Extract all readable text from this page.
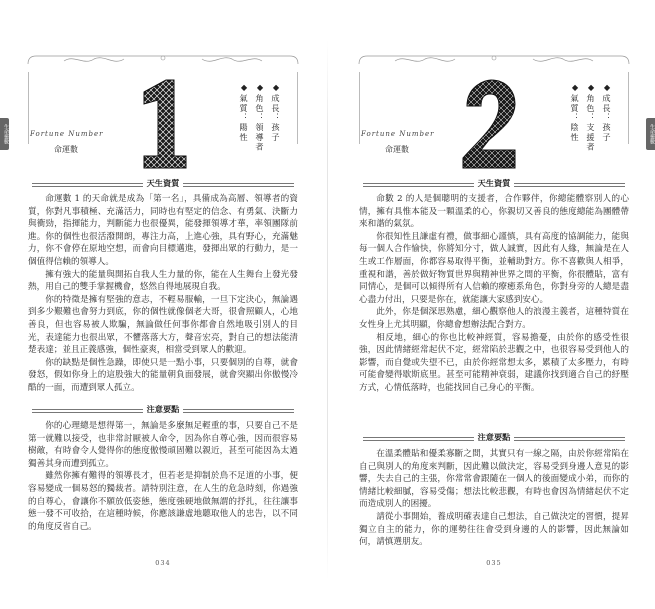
生命靈數	生命靈數
Fortune Number
命運數
◆氣質：陽性
◆角色：領導者
◆成長：孩子
天生資質

命運數 1 的天命就是成為「第一名」，具備成為高層、領導者的資質，你對凡事積極、充滿活力，同時也有堅定的信念、有勇氣、決斷力與衝勁，指揮能力，判斷能力也很優異，能發揮領導才華，率領團隊前進。你的個性也很活潑開朗，專注力高，上進心強，具有野心，充滿魅力，你不會停在原地空想，而會向目標邁進，發揮出眾的行動力，是一個值得信賴的領導人。

擁有強大的能量與開拓自我人生力量的你，能在人生舞台上發光發熱，用自己的雙手掌握機會，悠然自得地展現自我。

你的特徵是擁有堅強的意志，不輕易服輸，一旦下定決心，無論遇到多少艱難也會努力到底，你的個性就像個老大哥，很會照顧人，心地善良，但也容易被人欺騙，無論做任何事你都會自然地吸引別人的目光，表達能力也很出眾，不懼落落大方，聲音宏亮，對自己的想法能清楚表達；並且正義感強，個性豪爽，相當受到眾人的歡迎。

你的缺點是個性急躁，即使只是一點小事，只要個別的自尊，就會發怒，假如你身上的這股強大的能量朝負面發展，就會突顯出你傲慢冷酷的一面，而遭到眾人孤立。

注意要點

你的心理總是想得第一，無論是多麼無足輕重的事，只要自己不是第一就難以接受，也非常討厭被人命令，因為你自尊心強，因而很容易樹敵，有時會令人覺得你的態度傲慢頑固難以親近，甚至可能因為太過獨善其身而遭到孤立。

雖然你擁有難得的領導長才，但若老是抑制於鳥不足道的小事，便容易變成一個易怒的獨裁者。請特別注意，在人生的危急時刻，你過強的自尊心，會讓你不願放低姿態，態度強硬地做無謂的抒扎，往往讓事態一發不可收拾，在這種時候，你應該謙虛地聽取他人的忠告，以不同的角度反省自己。

034
Fortune Number
命運數
◆氣質：陰性
◆角色：支援者
◆成長：孩子
天生資質

命數 2 的人是個聰明的支援者，合作夥伴，你總能體察別人的心情，擁有具惟本能及一顆溫柔的心，你親切又善良的態度總能為團體帶來和諧的氣氛。

你很知性且謙虛有禮，做事細心謹慎，具有高度的協調能力，能與每一個人合作愉快，你將知分寸，做人誠實，因此有人緣，無論是在人生或工作層面，你都容易取得平衡，並輔助對方。你不喜歡與人相爭，重視和諧，善於做好物質世界與精神世界之間的平衡，你很體貼，富有同情心，是個可以傾得所有人信賴的療癒系角色，你對身旁的人總是盡心盡力付出，只要是你在，就能讓大家感到安心。

此外，你是個深思熟慮，細心觀察他人的浪漫主義者，這種特質在女性身上尤其明顯，你總會想辦法配合對方。

相反地，細心的你也比較神經質，容易擔憂，由於你的感受性很強，因此情緒經常起伏不定，經常陷於悲觀之中，也很容易受到他人的影響，而自覺或失望不已，由於你經常想太多，累積了太多壓力，有時可能會變得歇斯底里。甚至可能精神衰弱，建議你找到適合自己的紓壓方式，心情低落時，也能找回自己身心的平衡。

注意要點

在溫柔體貼和優柔寡斷之間，其實只有一線之隔，由於你經常陷在自己與別人的角度來判斷，因此難以做決定，容易受到身邊人意見的影響，失去自己的主張，你常常會跟隨在一個人的後面變成小弟，而你的情緒比較細膩，容易受傷；想法比較悲觀，有時也會因為情緒起伏不定而造成別人的困擾。

請從小事開始，養成明確表達自己想法，自己做決定的習慣，提昇獨立自主的能力，你的運勢往往會受到身邊的人的影響，因此無論如何，請慎選朋友。

035
